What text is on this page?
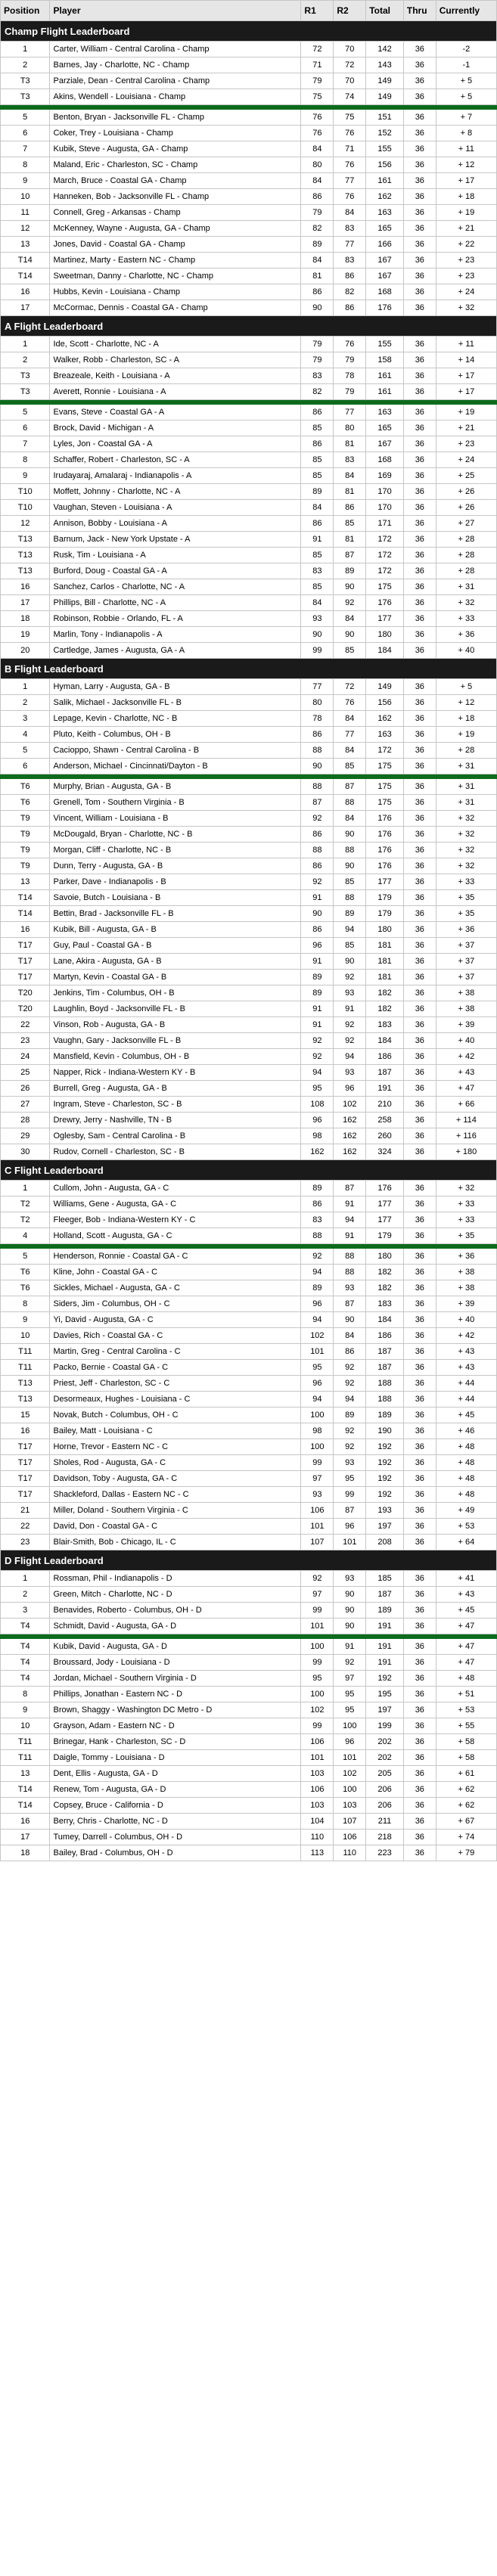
Position	Player	R1	R2	Total	Thru	Currently
Champ Flight Leaderboard						
1	Carter, William - Central Carolina - Champ	72	70	142	36	-2
2	Barnes, Jay - Charlotte, NC - Champ	71	72	143	36	-1
T3	Parziale, Dean - Central Carolina - Champ	79	70	149	36	+ 5
T3	Akins, Wendell - Louisiana - Champ	75	74	149	36	+ 5

5	Benton, Bryan - Jacksonville FL - Champ	76	75	151	36	+ 7
6	Coker, Trey - Louisiana - Champ	76	76	152	36	+ 8
7	Kubik, Steve - Augusta, GA - Champ	84	71	155	36	+ 11
8	Maland, Eric - Charleston, SC - Champ	80	76	156	36	+ 12
9	March, Bruce - Coastal GA - Champ	84	77	161	36	+ 17
10	Hanneken, Bob - Jacksonville FL - Champ	86	76	162	36	+ 18
11	Connell, Greg - Arkansas - Champ	79	84	163	36	+ 19
12	McKenney, Wayne - Augusta, GA - Champ	82	83	165	36	+ 21
13	Jones, David - Coastal GA - Champ	89	77	166	36	+ 22
T14	Martinez, Marty - Eastern NC - Champ	84	83	167	36	+ 23
T14	Sweetman, Danny - Charlotte, NC - Champ	81	86	167	36	+ 23
16	Hubbs, Kevin - Louisiana - Champ	86	82	168	36	+ 24
17	McCormac, Dennis - Coastal GA - Champ	90	86	176	36	+ 32
A Flight Leaderboard						
1	Ide, Scott - Charlotte, NC - A	79	76	155	36	+ 11
2	Walker, Robb - Charleston, SC - A	79	79	158	36	+ 14
T3	Breazeale, Keith - Louisiana - A	83	78	161	36	+ 17
T3	Averett, Ronnie - Louisiana - A	82	79	161	36	+ 17

5	Evans, Steve - Coastal GA - A	86	77	163	36	+ 19
6	Brock, David - Michigan - A	85	80	165	36	+ 21
7	Lyles, Jon - Coastal GA - A	86	81	167	36	+ 23
8	Schaffer, Robert - Charleston, SC - A	85	83	168	36	+ 24
9	Irudayaraj, Amalaraj - Indianapolis - A	85	84	169	36	+ 25
T10	Moffett, Johnny - Charlotte, NC - A	89	81	170	36	+ 26
T10	Vaughan, Steven - Louisiana - A	84	86	170	36	+ 26
12	Annison, Bobby - Louisiana - A	86	85	171	36	+ 27
T13	Barnum, Jack - New York Upstate - A	91	81	172	36	+ 28
T13	Rusk, Tim - Louisiana - A	85	87	172	36	+ 28
T13	Burford, Doug - Coastal GA - A	83	89	172	36	+ 28
16	Sanchez, Carlos - Charlotte, NC - A	85	90	175	36	+ 31
17	Phillips, Bill - Charlotte, NC - A	84	92	176	36	+ 32
18	Robinson, Robbie - Orlando, FL - A	93	84	177	36	+ 33
19	Marlin, Tony - Indianapolis - A	90	90	180	36	+ 36
20	Cartledge, James - Augusta, GA - A	99	85	184	36	+ 40
B Flight Leaderboard						
1	Hyman, Larry - Augusta, GA - B	77	72	149	36	+ 5
2	Salik, Michael - Jacksonville FL - B	80	76	156	36	+ 12
3	Lepage, Kevin - Charlotte, NC - B	78	84	162	36	+ 18
4	Pluto, Keith - Columbus, OH - B	86	77	163	36	+ 19
5	Cacioppo, Shawn - Central Carolina - B	88	84	172	36	+ 28
6	Anderson, Michael - Cincinnati/Dayton - B	90	85	175	36	+ 31

T6	Murphy, Brian - Augusta, GA - B	88	87	175	36	+ 31
T6	Grenell, Tom - Southern Virginia - B	87	88	175	36	+ 31
T9	Vincent, William - Louisiana - B	92	84	176	36	+ 32
T9	McDougald, Bryan - Charlotte, NC - B	86	90	176	36	+ 32
T9	Morgan, Cliff - Charlotte, NC - B	88	88	176	36	+ 32
T9	Dunn, Terry - Augusta, GA - B	86	90	176	36	+ 32
13	Parker, Dave - Indianapolis - B	92	85	177	36	+ 33
T14	Savoie, Butch - Louisiana - B	91	88	179	36	+ 35
T14	Bettin, Brad - Jacksonville FL - B	90	89	179	36	+ 35
16	Kubik, Bill - Augusta, GA - B	86	94	180	36	+ 36
T17	Guy, Paul - Coastal GA - B	96	85	181	36	+ 37
T17	Lane, Akira - Augusta, GA - B	91	90	181	36	+ 37
T17	Martyn, Kevin - Coastal GA - B	89	92	181	36	+ 37
T20	Jenkins, Tim - Columbus, OH - B	89	93	182	36	+ 38
T20	Laughlin, Boyd - Jacksonville FL - B	91	91	182	36	+ 38
22	Vinson, Rob - Augusta, GA - B	91	92	183	36	+ 39
23	Vaughn, Gary - Jacksonville FL - B	92	92	184	36	+ 40
24	Mansfield, Kevin - Columbus, OH - B	92	94	186	36	+ 42
25	Napper, Rick - Indiana-Western KY - B	94	93	187	36	+ 43
26	Burrell, Greg - Augusta, GA - B	95	96	191	36	+ 47
27	Ingram, Steve - Charleston, SC - B	108	102	210	36	+ 66
28	Drewry, Jerry - Nashville, TN - B	96	162	258	36	+ 114
29	Oglesby, Sam - Central Carolina - B	98	162	260	36	+ 116
30	Rudov, Cornell - Charleston, SC - B	162	162	324	36	+ 180
C Flight Leaderboard						
1	Cullom, John - Augusta, GA - C	89	87	176	36	+ 32
T2	Williams, Gene - Augusta, GA - C	86	91	177	36	+ 33
T2	Fleeger, Bob - Indiana-Western KY - C	83	94	177	36	+ 33
4	Holland, Scott - Augusta, GA - C	88	91	179	36	+ 35

5	Henderson, Ronnie - Coastal GA - C	92	88	180	36	+ 36
T6	Kline, John - Coastal GA - C	94	88	182	36	+ 38
T6	Sickles, Michael - Augusta, GA - C	89	93	182	36	+ 38
8	Siders, Jim - Columbus, OH - C	96	87	183	36	+ 39
9	Yi, David - Augusta, GA - C	94	90	184	36	+ 40
10	Davies, Rich - Coastal GA - C	102	84	186	36	+ 42
T11	Martin, Greg - Central Carolina - C	101	86	187	36	+ 43
T11	Packo, Bernie - Coastal GA - C	95	92	187	36	+ 43
T13	Priest, Jeff - Charleston, SC - C	96	92	188	36	+ 44
T13	Desormeaux, Hughes - Louisiana - C	94	94	188	36	+ 44
15	Novak, Butch - Columbus, OH - C	100	89	189	36	+ 45
16	Bailey, Matt - Louisiana - C	98	92	190	36	+ 46
T17	Horne, Trevor - Eastern NC - C	100	92	192	36	+ 48
T17	Sholes, Rod - Augusta, GA - C	99	93	192	36	+ 48
T17	Davidson, Toby - Augusta, GA - C	97	95	192	36	+ 48
T17	Shackleford, Dallas - Eastern NC - C	93	99	192	36	+ 48
21	Miller, Doland - Southern Virginia - C	106	87	193	36	+ 49
22	David, Don - Coastal GA - C	101	96	197	36	+ 53
23	Blair-Smith, Bob - Chicago, IL - C	107	101	208	36	+ 64
D Flight Leaderboard						
1	Rossman, Phil - Indianapolis - D	92	93	185	36	+ 41
2	Green, Mitch - Charlotte, NC - D	97	90	187	36	+ 43
3	Benavides, Roberto - Columbus, OH - D	99	90	189	36	+ 45
T4	Schmidt, David - Augusta, GA - D	101	90	191	36	+ 47

T4	Kubik, David - Augusta, GA - D	100	91	191	36	+ 47
T4	Broussard, Jody - Louisiana - D	99	92	191	36	+ 47
T4	Jordan, Michael - Southern Virginia - D	95	97	192	36	+ 48
8	Phillips, Jonathan - Eastern NC - D	100	95	195	36	+ 51
9	Brown, Shaggy - Washington DC Metro - D	102	95	197	36	+ 53
10	Grayson, Adam - Eastern NC - D	99	100	199	36	+ 55
T11	Brinegar, Hank - Charleston, SC - D	106	96	202	36	+ 58
T11	Daigle, Tommy - Louisiana - D	101	101	202	36	+ 58
13	Dent, Ellis - Augusta, GA - D	103	102	205	36	+ 61
T14	Renew, Tom - Augusta, GA - D	106	100	206	36	+ 62
T14	Copsey, Bruce - California - D	103	103	206	36	+ 62
16	Berry, Chris - Charlotte, NC - D	104	107	211	36	+ 67
17	Tumey, Darrell - Columbus, OH - D	110	106	218	36	+ 74
18	Bailey, Brad - Columbus, OH - D	113	110	223	36	+ 79
